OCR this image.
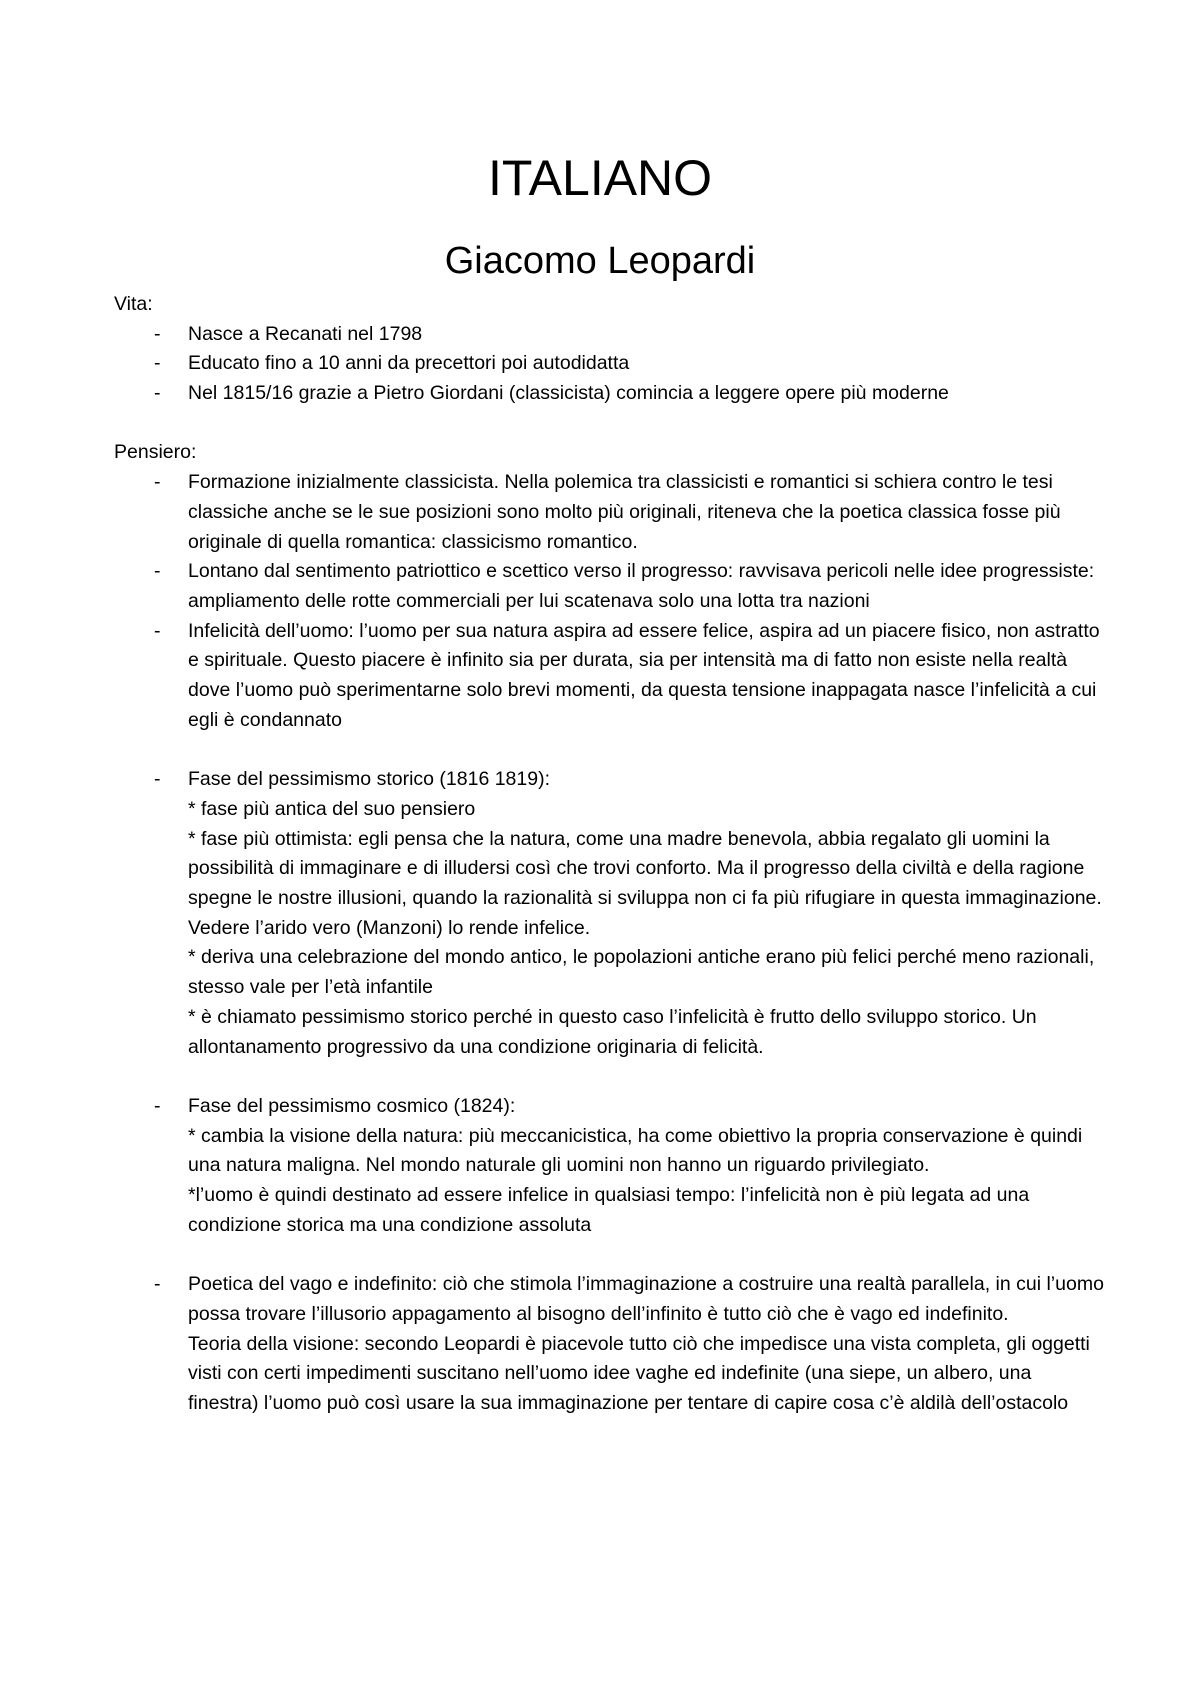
ITALIANO
Giacomo Leopardi
Vita:
- Nasce a Recanati nel 1798
- Educato fino a 10 anni da precettori poi autodidatta
- Nel 1815/16 grazie a Pietro Giordani (classicista) comincia a leggere opere più moderne
Pensiero:
- Formazione inizialmente classicista. Nella polemica tra classicisti e romantici si schiera contro le tesi classiche anche se le sue posizioni sono molto più originali, riteneva che la poetica classica fosse più originale di quella romantica: classicismo romantico.
- Lontano dal sentimento patriottico e scettico verso il progresso: ravvisava pericoli nelle idee progressiste: ampliamento delle rotte commerciali per lui scatenava solo una lotta tra nazioni
- Infelicità dell’uomo: l’uomo per sua natura aspira ad essere felice, aspira ad un piacere fisico, non astratto e spirituale. Questo piacere è infinito sia per durata, sia per intensità ma di fatto non esiste nella realtà dove l’uomo può sperimentarne solo brevi momenti, da questa tensione inappagata nasce l’infelicità a cui egli è condannato
- Fase del pessimismo storico (1816 1819):
* fase più antica del suo pensiero
* fase più ottimista: egli pensa che la natura, come una madre benevola, abbia regalato gli uomini la possibilità di immaginare e di illudersi così che trovi conforto. Ma il progresso della civiltà e della ragione spegne le nostre illusioni, quando la razionalità si sviluppa non ci fa più rifugiare in questa immaginazione. Vedere l’arido vero (Manzoni) lo rende infelice.
* deriva una celebrazione del mondo antico, le popolazioni antiche erano più felici perché meno razionali, stesso vale per l’età infantile
* è chiamato pessimismo storico perché in questo caso l’infelicità è frutto dello sviluppo storico. Un allontanamento progressivo da una condizione originaria di felicità.
- Fase del pessimismo cosmico (1824):
* cambia la visione della natura: più meccanicistica, ha come obiettivo la propria conservazione è quindi una natura maligna. Nel mondo naturale gli uomini non hanno un riguardo privilegiato.
*l’uomo è quindi destinato ad essere infelice in qualsiasi tempo: l’infelicità non è più legata ad una condizione storica ma una condizione assoluta
- Poetica del vago e indefinito: ciò che stimola l’immaginazione a costruire una realtà parallela, in cui l’uomo possa trovare l’illusorio appagamento al bisogno dell’infinito è tutto ciò che è vago ed indefinito.
Teoria della visione: secondo Leopardi è piacevole tutto ciò che impedisce una vista completa, gli oggetti visti con certi impedimenti suscitano nell’uomo idee vaghe ed indefinite (una siepe, un albero, una finestra) l’uomo può così usare la sua immaginazione per tentare di capire cosa c’è aldilà dell’ostacolo
